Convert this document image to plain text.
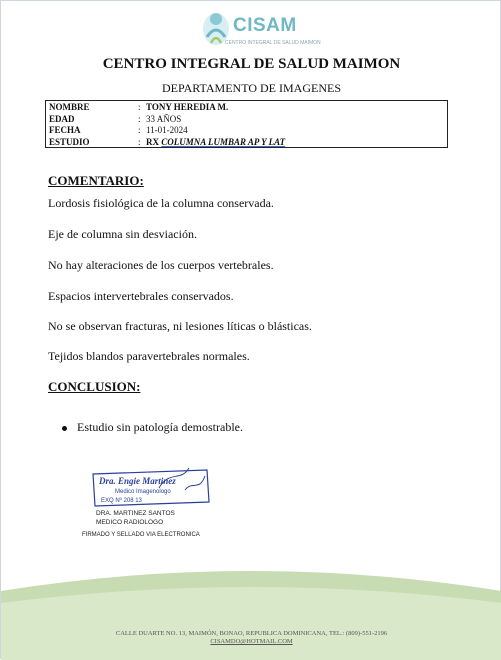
CISAM
CENTRO INTEGRAL DE SALUD MAIMON
CENTRO INTEGRAL DE SALUD MAIMON
DEPARTAMENTO DE IMAGENES
NOMBRE	: TONY HEREDIA M.
EDAD	: 33 AÑOS
FECHA	: 11-01-2024
ESTUDIO	: RX COLUMNA LUMBAR AP Y LAT
COMENTARIO:
Lordosis fisiológica de la columna conservada.
Eje de columna sin desviación.
No hay alteraciones de los cuerpos vertebrales.
Espacios intervertebrales conservados.
No se observan fracturas, ni lesiones líticas o blásticas.
Tejidos blandos paravertebrales normales.
CONCLUSION:
Estudio sin patología demostrable.
Dra. Engie Martinez
Medico Imagenologo
EXQ Nº 208 13
DRA. MARTINEZ SANTOS
MEDICO RADIOLOGO
FIRMADO Y SELLADO VIA ELECTRONICA
CALLE DUARTE NO. 13, MAIMÓN, BONAO, REPUBLICA DOMINICANA, TEL.: (809)-551-2196
CISAMDO@HOTMAIL.COM
